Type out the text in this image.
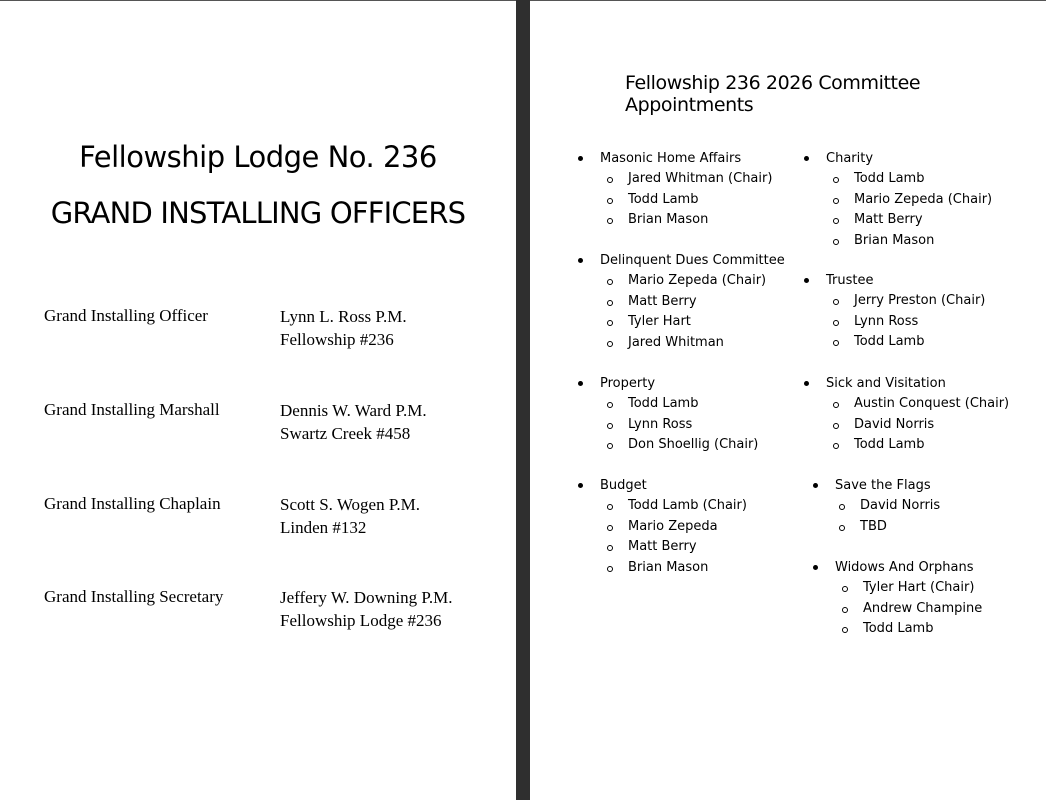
Fellowship Lodge No. 236
GRAND INSTALLING OFFICERS
Grand Installing Officer	Lynn L. Ross P.M.
Fellowship #236
Grand Installing Marshall	Dennis W. Ward P.M.
Swartz Creek #458
Grand Installing Chaplain	Scott S. Wogen P.M.
Linden #132
Grand Installing Secretary	Jeffery W. Downing P.M.
Fellowship Lodge #236
Fellowship 236 2026 Committee Appointments
Masonic Home Affairs
Jared Whitman (Chair)
Todd Lamb
Brian Mason
Delinquent Dues Committee
Mario Zepeda (Chair)
Matt Berry
Tyler Hart
Jared Whitman
Property
Todd Lamb
Lynn Ross
Don Shoellig (Chair)
Budget
Todd Lamb (Chair)
Mario Zepeda
Matt Berry
Brian Mason
Charity
Todd Lamb
Mario Zepeda (Chair)
Matt Berry
Brian Mason
Trustee
Jerry Preston (Chair)
Lynn Ross
Todd Lamb
Sick and Visitation
Austin Conquest (Chair)
David Norris
Todd Lamb
Save the Flags
David Norris
TBD
Widows And Orphans
Tyler Hart (Chair)
Andrew Champine
Todd Lamb
